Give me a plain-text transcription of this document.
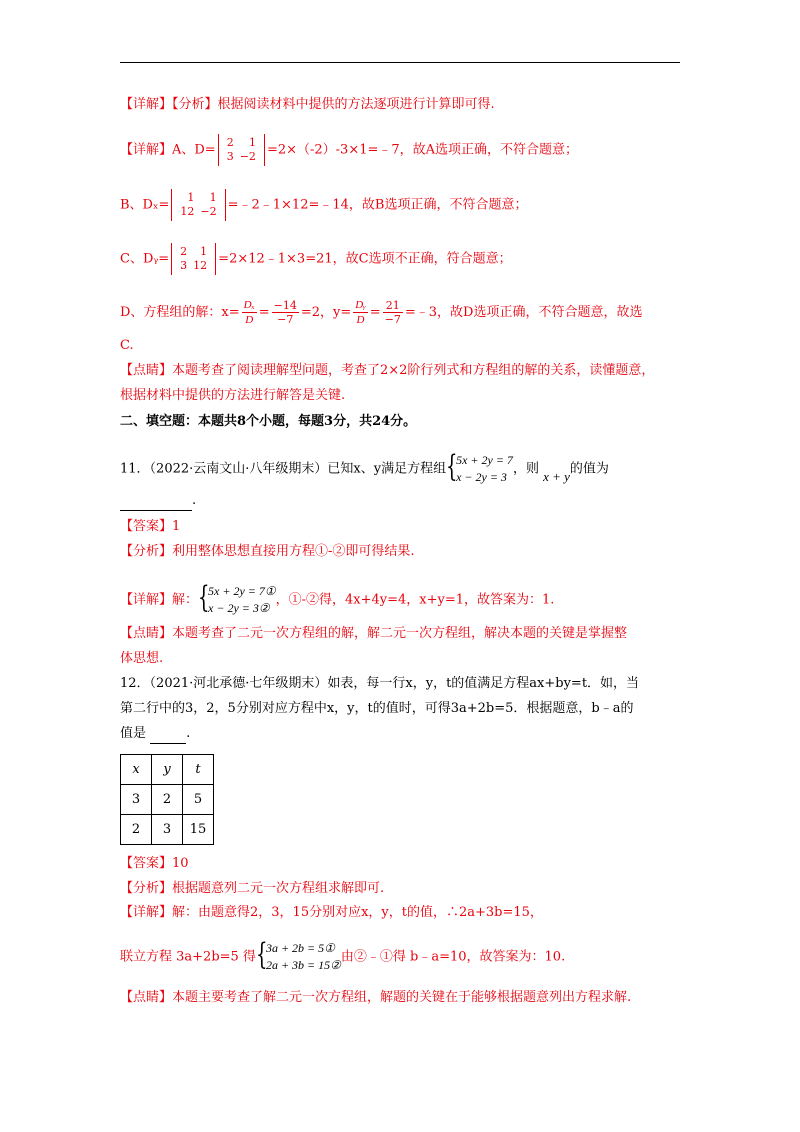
【详解】【分析】根据阅读材料中提供的方法逐项进行计算即可得.
【详解】A、D= 2	1
3	−2 =2×（-2）-3×1=﹣7，故A选项正确，不符合题意；
B、Dₓ= 1	1
12	−2 =﹣2﹣1×12=﹣14，故B选项正确，不符合题意；
C、Dᵧ= 2	1
3	12 =2×12﹣1×3=21，故C选项不正确，符合题意；
D、方程组的解：$x= \frac{\text{Dₓ}}{D} = \frac{-14}{-7} =2$，$y= \frac{\text{Dᵧ}}{D} = \frac{21}{-7}$ =﹣3，故D选项正确，不符合题意，故选
C.
【点睛】本题考查了阅读理解型问题，考查了2×2阶行列式和方程组的解的关系，读懂题意，
根据材料中提供的方法进行解答是关键.
二、填空题：本题共8个小题，每题3分，共24分。
11．（2022·云南文山·八年级期末）已知x、y满足方程组 {
5x + 2y = 7
x − 2y = 3
，则 x + y的值为
.
【答案】1
【分析】利用整体思想直接用方程①-②即可得结果.
【详解】解： {
5x + 2y = 7①
x − 2y = 3②
，①-②得，4x+4y=4，x+y=1，故答案为：1.
【点睛】本题考查了二元一次方程组的解，解二元一次方程组，解决本题的关键是掌握整
体思想.
12．（2021·河北承德·七年级期末）如表，每一行x，y，t的值满足方程ax+by=t．如，当
第二行中的3，2，5分别对应方程中x，y，t的值时，可得3a+2b=5．根据题意，b﹣a的
值是	.
x	y	t
3	2	5
2	3	15
【答案】10
【分析】根据题意列二元一次方程组求解即可.
【详解】解：由题意得2，3，15分别对应x，y，t的值，∴2a+3b=15，
联立方程 3a+2b=5 得 {
3a + 2b = 5①
2a + 3b = 15②
由②﹣①得 b﹣a=10，故答案为：10.
【点睛】本题主要考查了解二元一次方程组，解题的关键在于能够根据题意列出方程求解.
